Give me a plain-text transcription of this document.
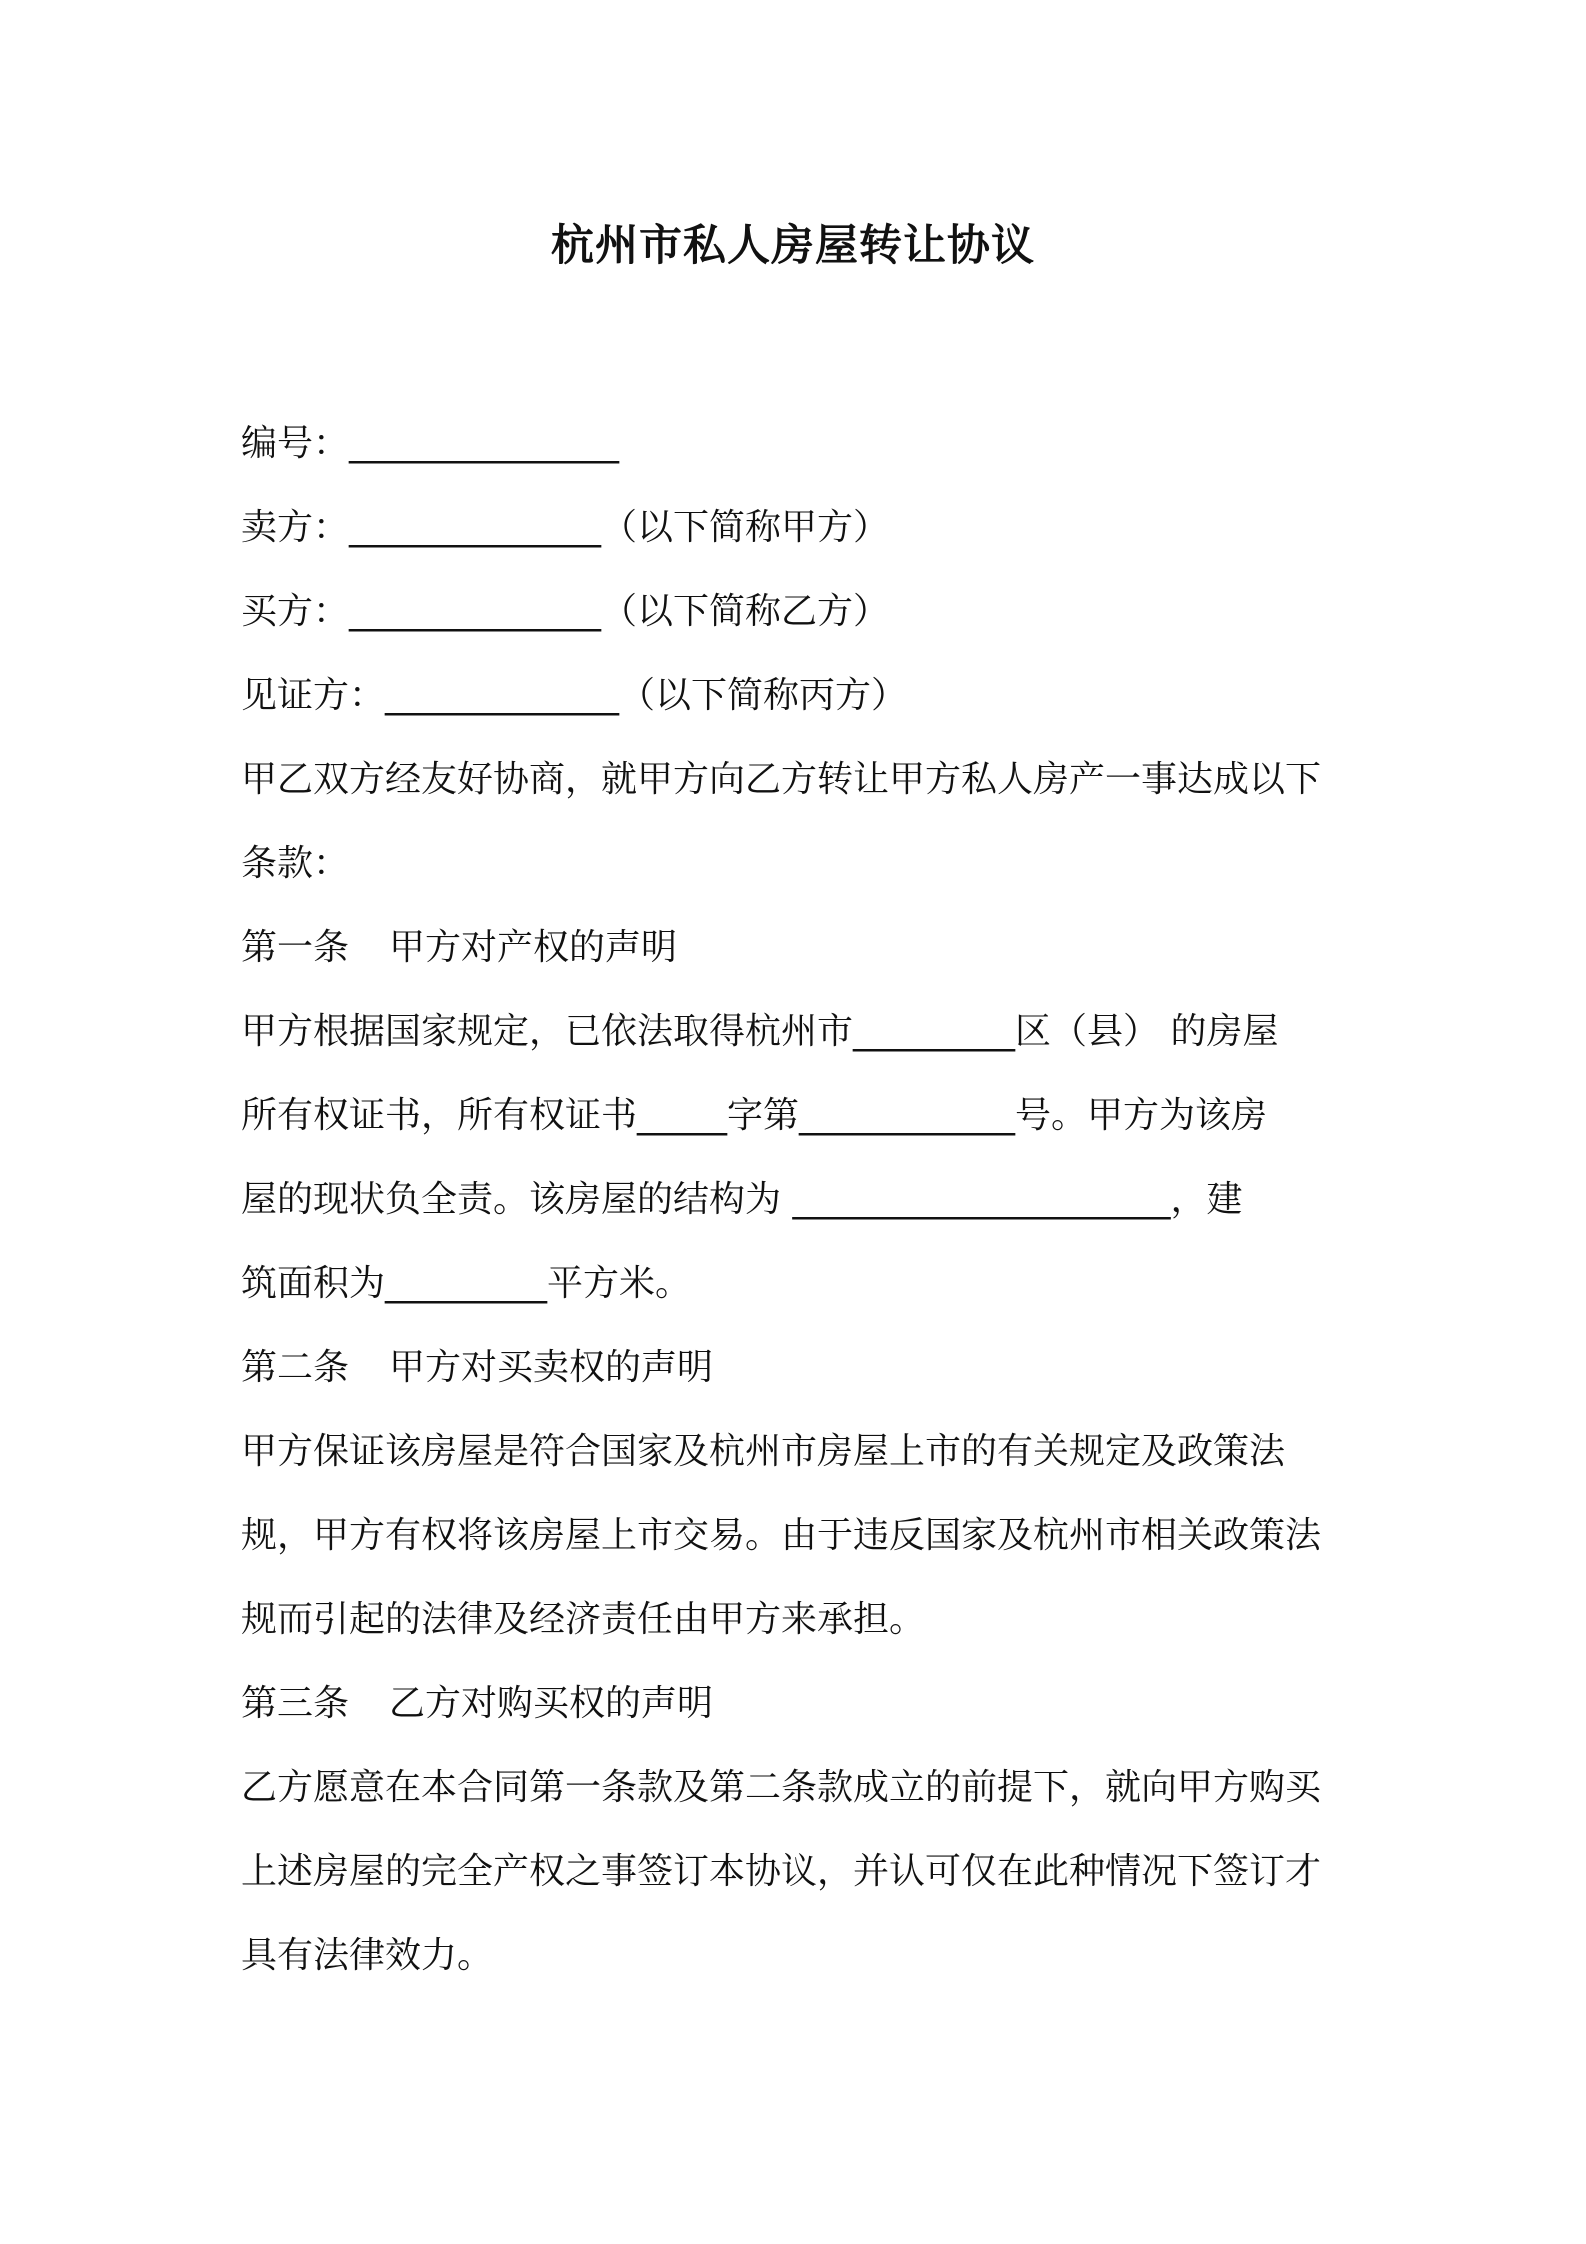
杭州市私人房屋转让协议
编号：_______________
卖方：______________（以下简称甲方）
买方：______________（以下简称乙方）
见证方：_____________（以下简称丙方）
甲乙双方经友好协商，就甲方向乙方转让甲方私人房产一事达成以下
条款：
第一条 甲方对产权的声明
甲方根据国家规定，已依法取得杭州市_________区（县） 的房屋
所有权证书，所有权证书_____字第____________号。甲方为该房
屋的现状负全责。该房屋的结构为 _____________________，建
筑面积为_________平方米。
第二条 甲方对买卖权的声明
甲方保证该房屋是符合国家及杭州市房屋上市的有关规定及政策法
规，甲方有权将该房屋上市交易。由于违反国家及杭州市相关政策法
规而引起的法律及经济责任由甲方来承担。
第三条 乙方对购买权的声明
乙方愿意在本合同第一条款及第二条款成立的前提下，就向甲方购买
上述房屋的完全产权之事签订本协议，并认可仅在此种情况下签订才
具有法律效力。
